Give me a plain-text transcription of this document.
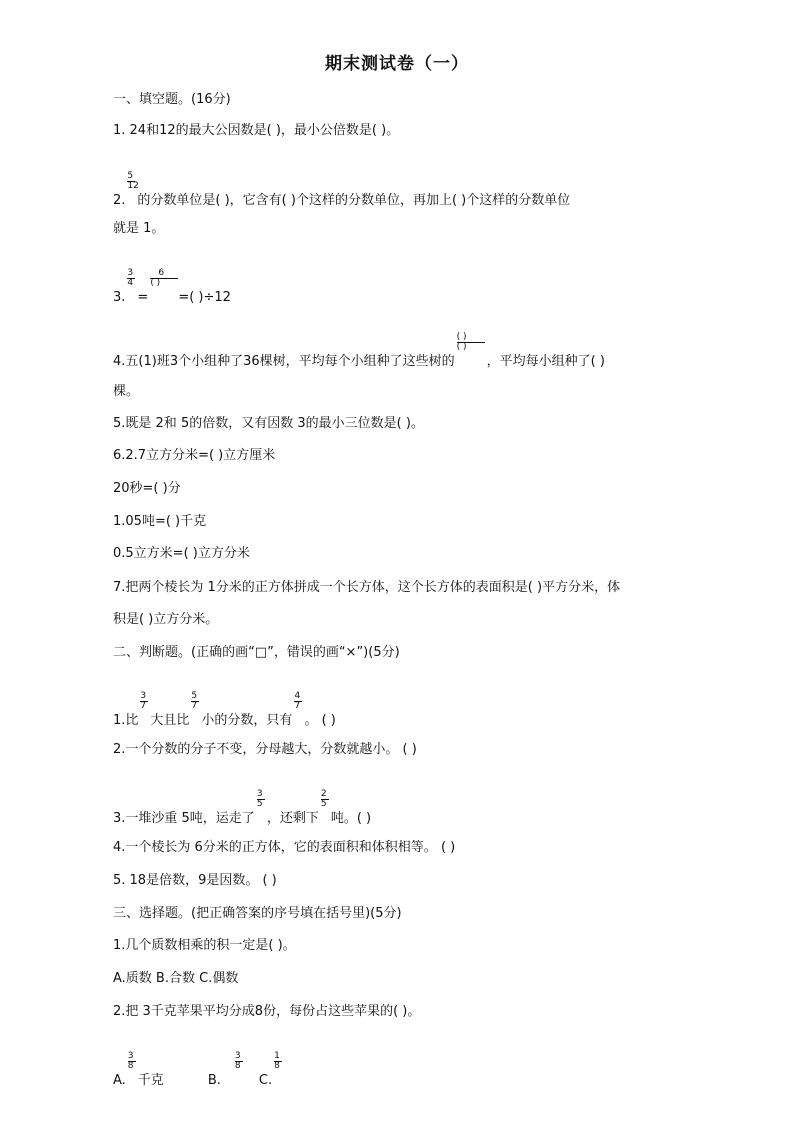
期末测试卷（一）
一、填空题。(16分)
1. 24和12的最大公因数是( )，最小公倍数是( )。
2. $\frac{5}{12}$ 的分数单位是( )，它含有( )个这样的分数单位，再加上( )个这样的分数单位
就是 1。
3. $\frac{3}{4}$ =
6
( )
=( )÷12
4.五(1)班3个小组种了36棵树，平均每个小组种了这些树的 $\frac{( )}{( )}$ ，平均每小组种了( )
棵。
5.既是 2和 5的倍数，又有因数 3的最小三位数是( )。
6.2.7立方分米=( )立方厘米
20秒=( )分
1.05吨=( )千克
0.5立方米=( )立方分米
7.把两个棱长为 1分米的正方体拼成一个长方体，这个长方体的表面积是( )平方分米，体
积是( )立方分米。
二、判断题。(正确的画“□”，错误的画“×”)(5分)
1.比 $\frac{3}{7}$ 大且比 $\frac{5}{7}$ 小的分数，只有 $\frac{4}{7}$ 。 ( )
2.一个分数的分子不变，分母越大，分数就越小。 ( )
3.一堆沙重 5吨，运走了 $\frac{3}{5}$ ，还剩下 $\frac{2}{5}$ 吨。( )
4.一个棱长为 6分米的正方体，它的表面积和体积相等。 ( )
5. 18是倍数，9是因数。 ( )
三、选择题。(把正确答案的序号填在括号里)(5分)
1.几个质数相乘的积一定是( )。
A.质数 B.合数 C.偶数
2.把 3千克苹果平均分成8份，每份占这些苹果的( )。
A. $\frac{3}{8}$ 千克	B. $\frac{3}{8} C$. $\frac{1}{8}$
